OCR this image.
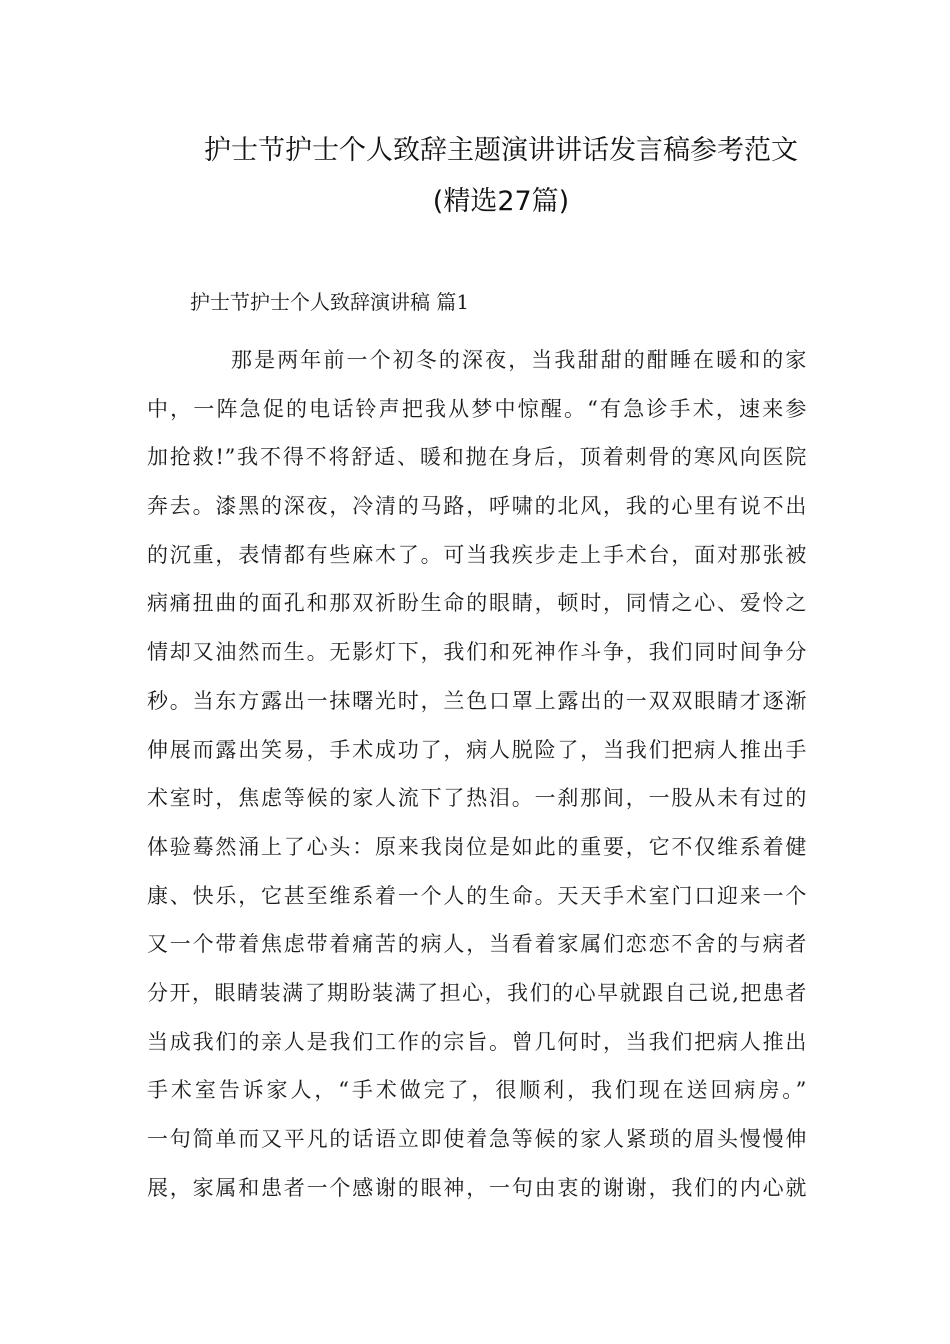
护士节护士个人致辞主题演讲讲话发言稿参考范文
(精选27篇)
护士节护士个人致辞演讲稿 篇1
那是两年前一个初冬的深夜，当我甜甜的酣睡在暖和的家
中，一阵急促的电话铃声把我从梦中惊醒。“有急诊手术，速来参
加抢救!”我不得不将舒适、暖和抛在身后，顶着刺骨的寒风向医院
奔去。漆黑的深夜，冷清的马路，呼啸的北风，我的心里有说不出
的沉重，表情都有些麻木了。可当我疾步走上手术台，面对那张被
病痛扭曲的面孔和那双祈盼生命的眼睛，顿时，同情之心、爱怜之
情却又油然而生。无影灯下，我们和死神作斗争，我们同时间争分
秒。当东方露出一抹曙光时，兰色口罩上露出的一双双眼睛才逐渐
伸展而露出笑易，手术成功了，病人脱险了，当我们把病人推出手
术室时，焦虑等候的家人流下了热泪。一刹那间，一股从未有过的
体验蓦然涌上了心头：原来我岗位是如此的重要，它不仅维系着健
康、快乐，它甚至维系着一个人的生命。天天手术室门口迎来一个
又一个带着焦虑带着痛苦的病人，当看着家属们恋恋不舍的与病者
分开，眼睛装满了期盼装满了担心，我们的心早就跟自己说,把患者
当成我们的亲人是我们工作的宗旨。曾几何时，当我们把病人推出
手术室告诉家人，“手术做完了，很顺利，我们现在送回病房。”
一句简单而又平凡的话语立即使着急等候的家人紧琐的眉头慢慢伸
展，家属和患者一个感谢的眼神，一句由衷的谢谢，我们的内心就
